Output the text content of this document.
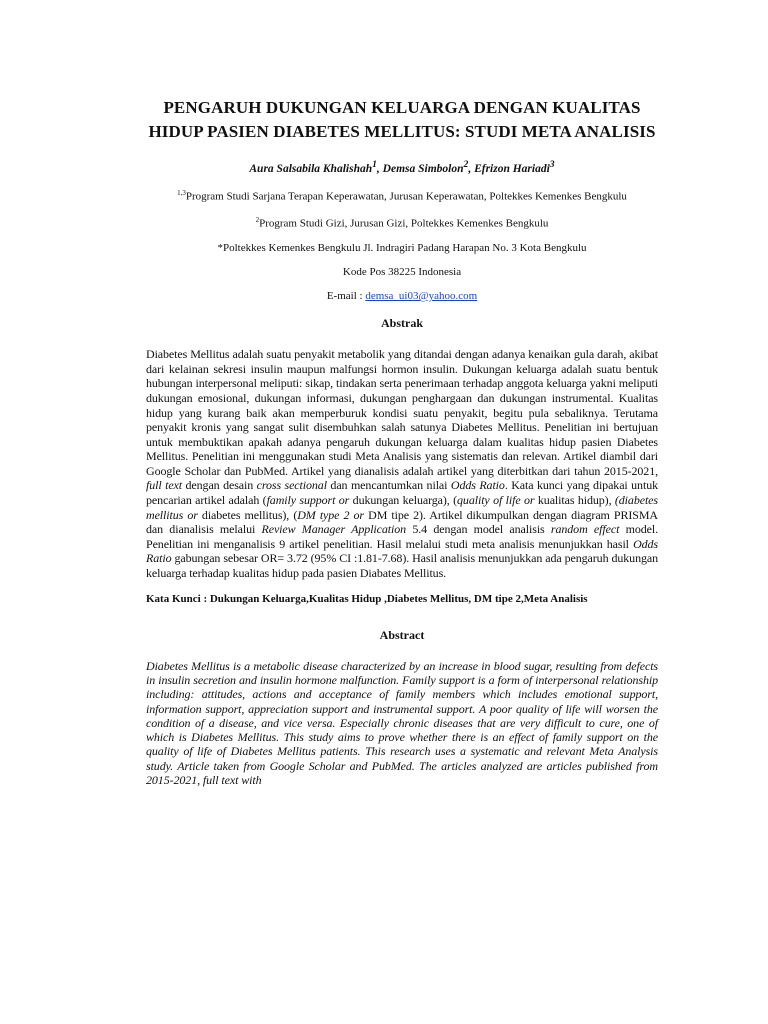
PENGARUH DUKUNGAN KELUARGA DENGAN KUALITAS HIDUP PASIEN DIABETES MELLITUS: STUDI META ANALISIS

Aura Salsabila Khalishah$^1$, Demsa Simbolon$^2$, Efrizon Hariadi$^3$

$^{1,3}$Program Studi Sarjana Terapan Keperawatan, Jurusan Keperawatan, Poltekkes Kemenkes Bengkulu

$^2$Program Studi Gizi, Jurusan Gizi, Poltekkes Kemenkes Bengkulu

*Poltekkes Kemenkes Bengkulu Jl. Indragiri Padang Harapan No. 3 Kota Bengkulu

Kode Pos 38225 Indonesia

E-mail : demsa_ui03@yahoo.com

Abstrak

Diabetes Mellitus adalah suatu penyakit metabolik yang ditandai dengan adanya kenaikan gula darah, akibat dari kelainan sekresi insulin maupun malfungsi hormon insulin. Dukungan keluarga adalah suatu bentuk hubungan interpersonal meliputi: sikap, tindakan serta penerimaan terhadap anggota keluarga yakni meliputi dukungan emosional, dukungan informasi, dukungan penghargaan dan dukungan instrumental. Kualitas hidup yang kurang baik akan memperburuk kondisi suatu penyakit, begitu pula sebaliknya. Terutama penyakit kronis yang sangat sulit disembuhkan salah satunya Diabetes Mellitus. Penelitian ini bertujuan untuk membuktikan apakah adanya pengaruh dukungan keluarga dalam kualitas hidup pasien Diabetes Mellitus. Penelitian ini menggunakan studi Meta Analisis yang sistematis dan relevan. Artikel diambil dari Google Scholar dan PubMed. Artikel yang dianalisis adalah artikel yang diterbitkan dari tahun 2015-2021, full text dengan desain cross sectional dan mencantumkan nilai Odds Ratio. Kata kunci yang dipakai untuk pencarian artikel adalah (family support or dukungan keluarga), (quality of life or kualitas hidup), (diabetes mellitus or diabetes mellitus), (DM type 2 or DM tipe 2). Artikel dikumpulkan dengan diagram PRISMA dan dianalisis melalui Review Manager Application 5.4 dengan model analisis random effect model. Penelitian ini menganalisis 9 artikel penelitian. Hasil melalui studi meta analisis menunjukkan hasil Odds Ratio gabungan sebesar OR= 3.72 (95% CI :1.81-7.68). Hasil analisis menunjukkan ada pengaruh dukungan keluarga terhadap kualitas hidup pada pasien Diabates Mellitus.

Kata Kunci : Dukungan Keluarga,Kualitas Hidup ,Diabetes Mellitus, DM tipe 2,Meta Analisis

Abstract

Diabetes Mellitus is a metabolic disease characterized by an increase in blood sugar, resulting from defects in insulin secretion and insulin hormone malfunction. Family support is a form of interpersonal relationship including: attitudes, actions and acceptance of family members which includes emotional support, information support, appreciation support and instrumental support. A poor quality of life will worsen the condition of a disease, and vice versa. Especially chronic diseases that are very difficult to cure, one of which is Diabetes Mellitus. This study aims to prove whether there is an effect of family support on the quality of life of Diabetes Mellitus patients. This research uses a systematic and relevant Meta Analysis study. Article taken from Google Scholar and PubMed. The articles analyzed are articles published from 2015-2021, full text with
